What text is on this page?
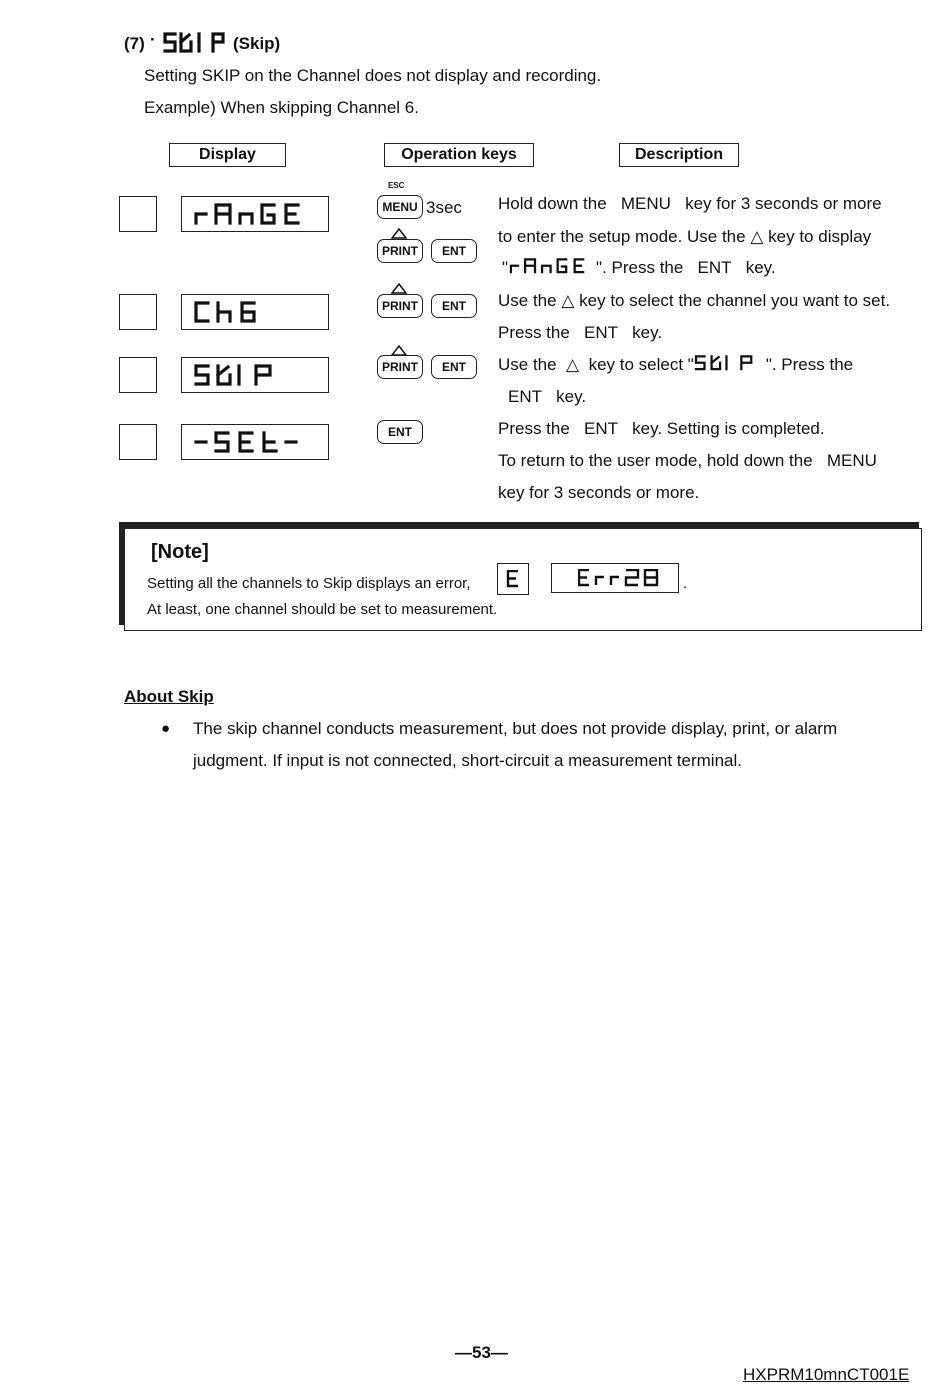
(7) ·	(Skip)
Setting SKIP on the Channel does not display and recording.
Example) When skipping Channel 6.
Display	Operation keys	Description
ESC
MENU 3sec
PRINT	ENT
Hold down the MENU key for 3 seconds or more
to enter the setup mode. Use the △ key to display
"	". Press the ENT key.
PRINT	ENT	Use the △ key to select the channel you want to set.
Press the ENT key.
PRINT	ENT	Use the △ key to select "	". Press the
ENT key.
ENT	Press the ENT key. Setting is completed.
To return to the user mode, hold down the MENU
key for 3 seconds or more.
[Note]
Setting all the channels to Skip displays an error,	.
At least, one channel should be set to measurement.
About Skip
● The skip channel conducts measurement, but does not provide display, print, or alarm
judgment. If input is not connected, short-circuit a measurement terminal.
—53—
HXPRM10mnCT001E
